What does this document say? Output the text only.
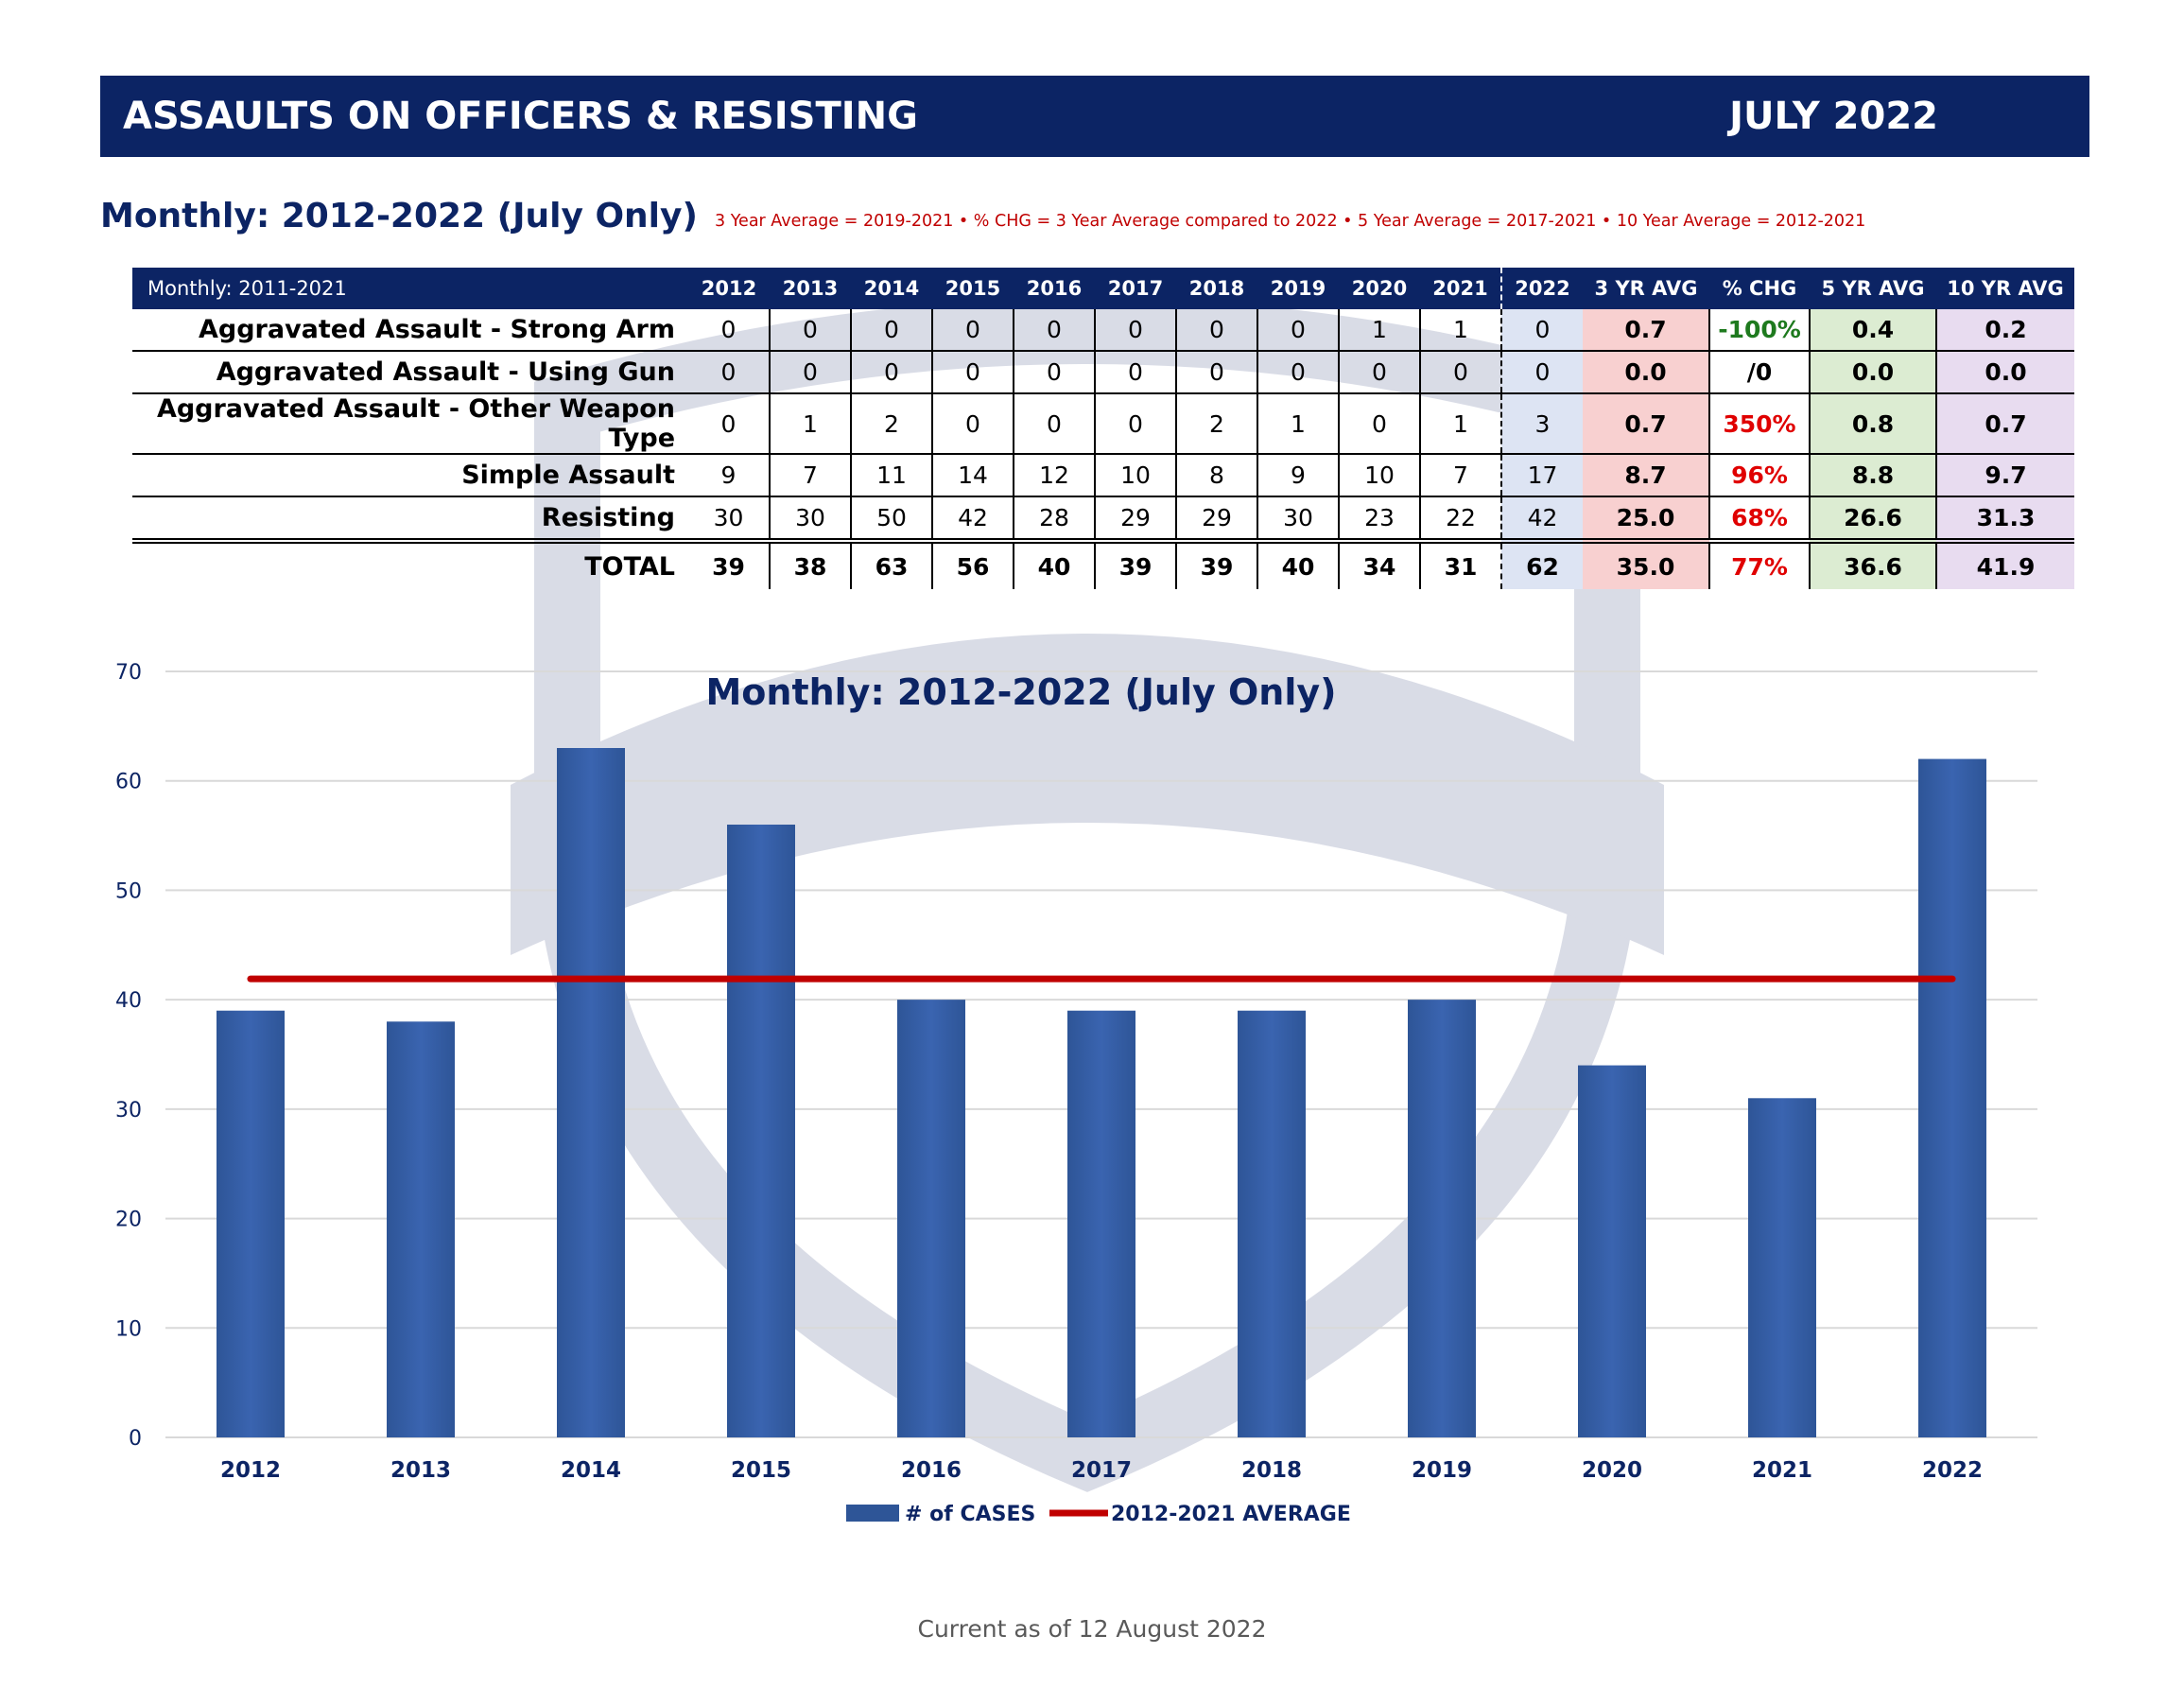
ASSAULTS ON OFFICERS & RESISTING	JULY 2022
Monthly: 2012-2022 (July Only) 3 Year Average = 2019-2021 • % CHG = 3 Year Average compared to 2022 • 5 Year Average = 2017-2021 • 10 Year Average = 2012-2021
Monthly: 2011-2021	2012	2013	2014	2015	2016	2017	2018	2019	2020	2021	2022	3 YR AVG	% CHG	5 YR AVG	10 YR AVG
Aggravated Assault - Strong Arm	0	0	0	0	0	0	0	0	1	1	0	0.7	-100%	0.4	0.2
Aggravated Assault - Using Gun	0	0	0	0	0	0	0	0	0	0	0	0.0	/0	0.0	0.0
Aggravated Assault - Other Weapon Type	0	1	2	0	0	0	2	1	0	1	3	0.7	350%	0.8	0.7
Simple Assault	9	7	11	14	12	10	8	9	10	7	17	8.7	96%	8.8	9.7
Resisting	30	30	50	42	28	29	29	30	23	22	42	25.0	68%	26.6	31.3
TOTAL	39	38	63	56	40	39	39	40	34	31	62	35.0	77%	36.6	41.9
0
10
20
30
40
50
60
70
2012	2013	2014	2015	2016	2017	2018	2019	2020	2021	2022
Monthly: 2012-2022 (July Only)
# of CASES	2012-2021 AVERAGE
Current as of 12 August 2022
